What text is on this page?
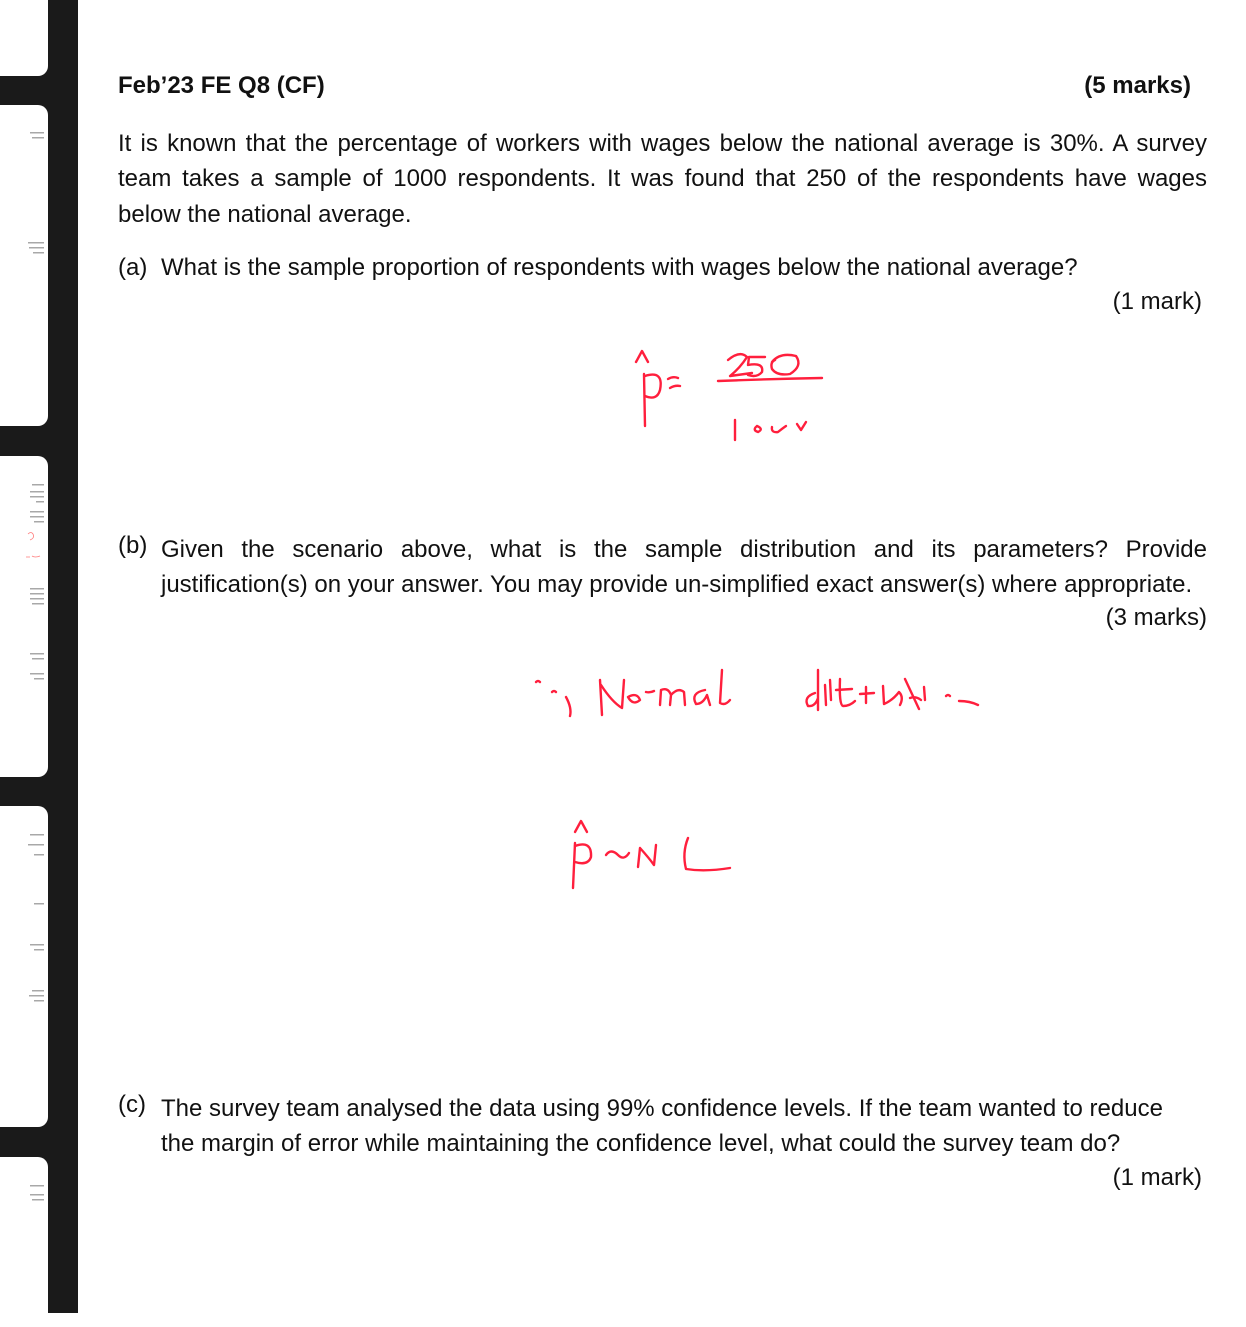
Feb’23 FE Q8 (CF)	(5 marks)
It is known that the percentage of workers with wages below the national average is 30%. A survey team takes a sample of 1000 respondents. It was found that 250 of the respondents have wages below the national average.
(a) What is the sample proportion of respondents with wages below the national average?
(1 mark)
(b) Given the scenario above, what is the sample distribution and its parameters? Provide justification(s) on your answer. You may provide un-simplified exact answer(s) where appropriate.
(3 marks)
(c) The survey team analysed the data using 99% confidence levels. If the team wanted to reduce the margin of error while maintaining the confidence level, what could the survey team do?
(1 mark)
